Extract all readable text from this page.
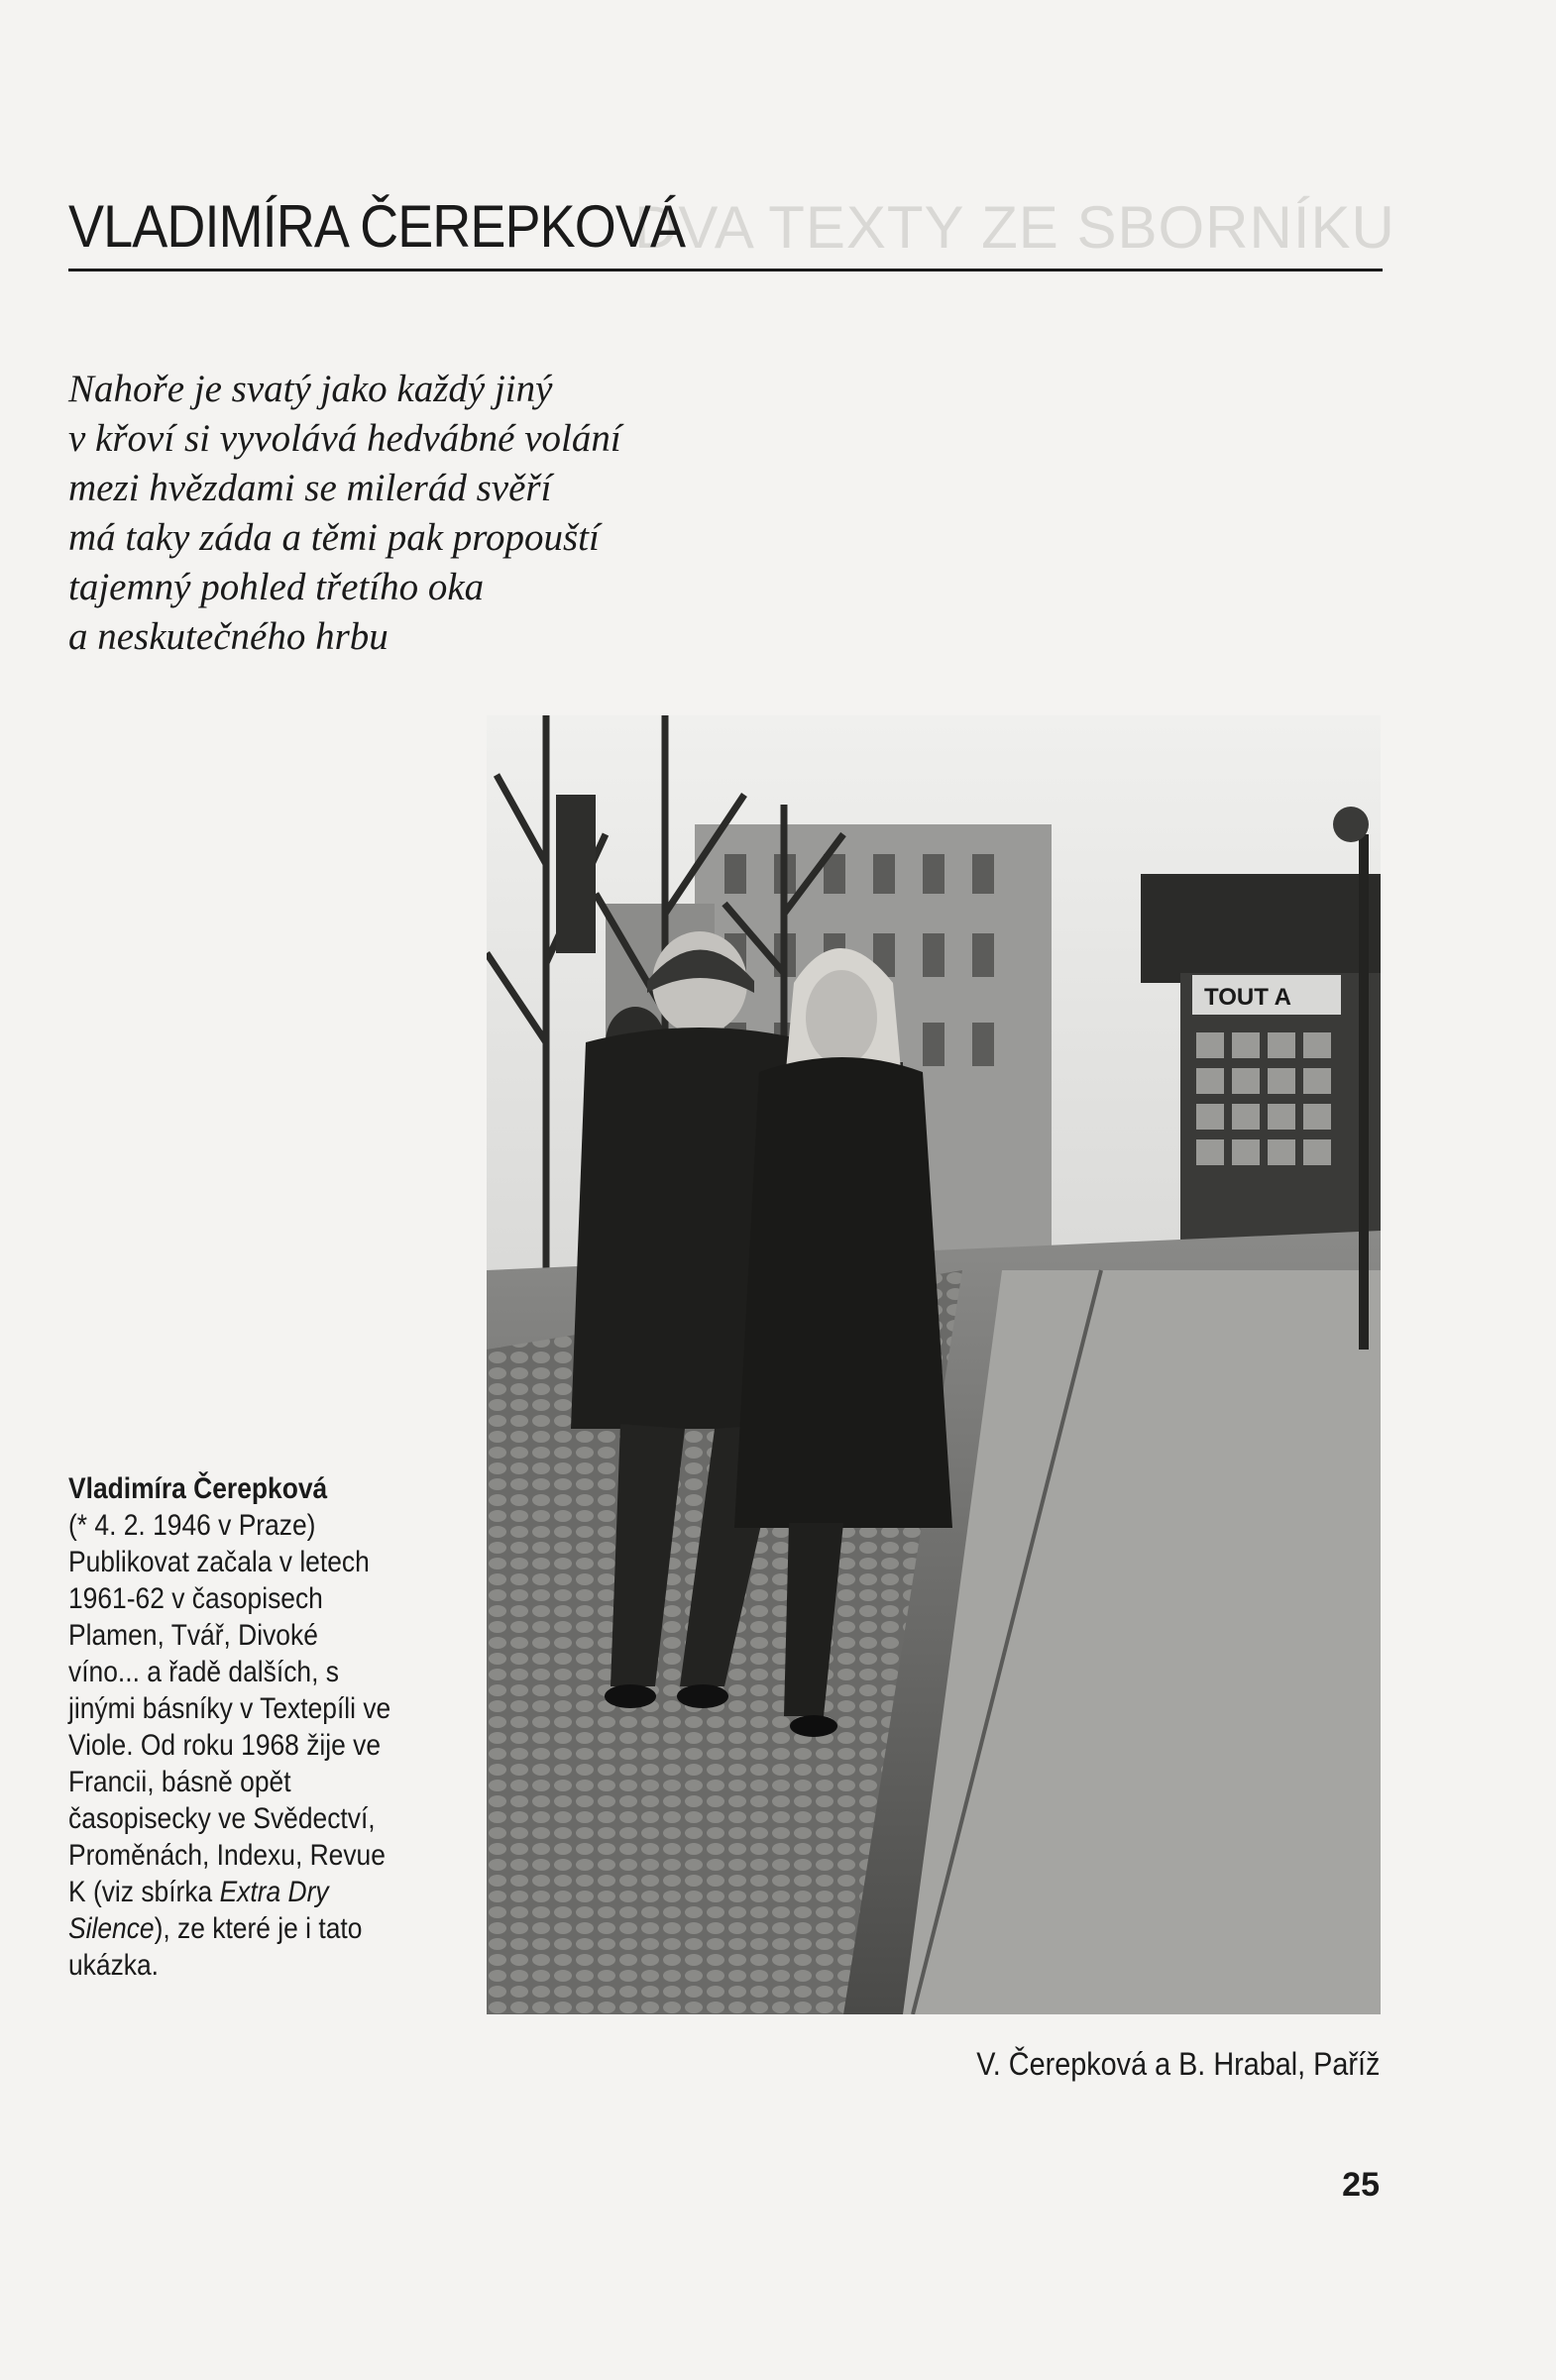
DVA TEXTY ZE SBORNÍKU
VLADIMÍRA ČEREPKOVÁ
Nahoře je svatý jako každý jiný
v křoví si vyvolává hedvábné volání
mezi hvězdami se milerád svěří
má taky záda a těmi pak propouští
tajemný pohled třetího oka
a neskutečného hrbu
TOUT A
Vladimíra Čerepková
(* 4. 2. 1946 v Praze) Publikovat začala v letech 1961-62 v časopisech Plamen, Tvář, Divoké víno... a řadě dalších, s jinými básníky v Textepíli ve Viole. Od roku 1968 žije ve Francii, básně opět časopisecky ve Svědectví, Proměnách, Indexu, Revue K (viz sbírka Extra Dry Silence), ze které je i tato ukázka.
V. Čerepková a B. Hrabal, Paříž
25
